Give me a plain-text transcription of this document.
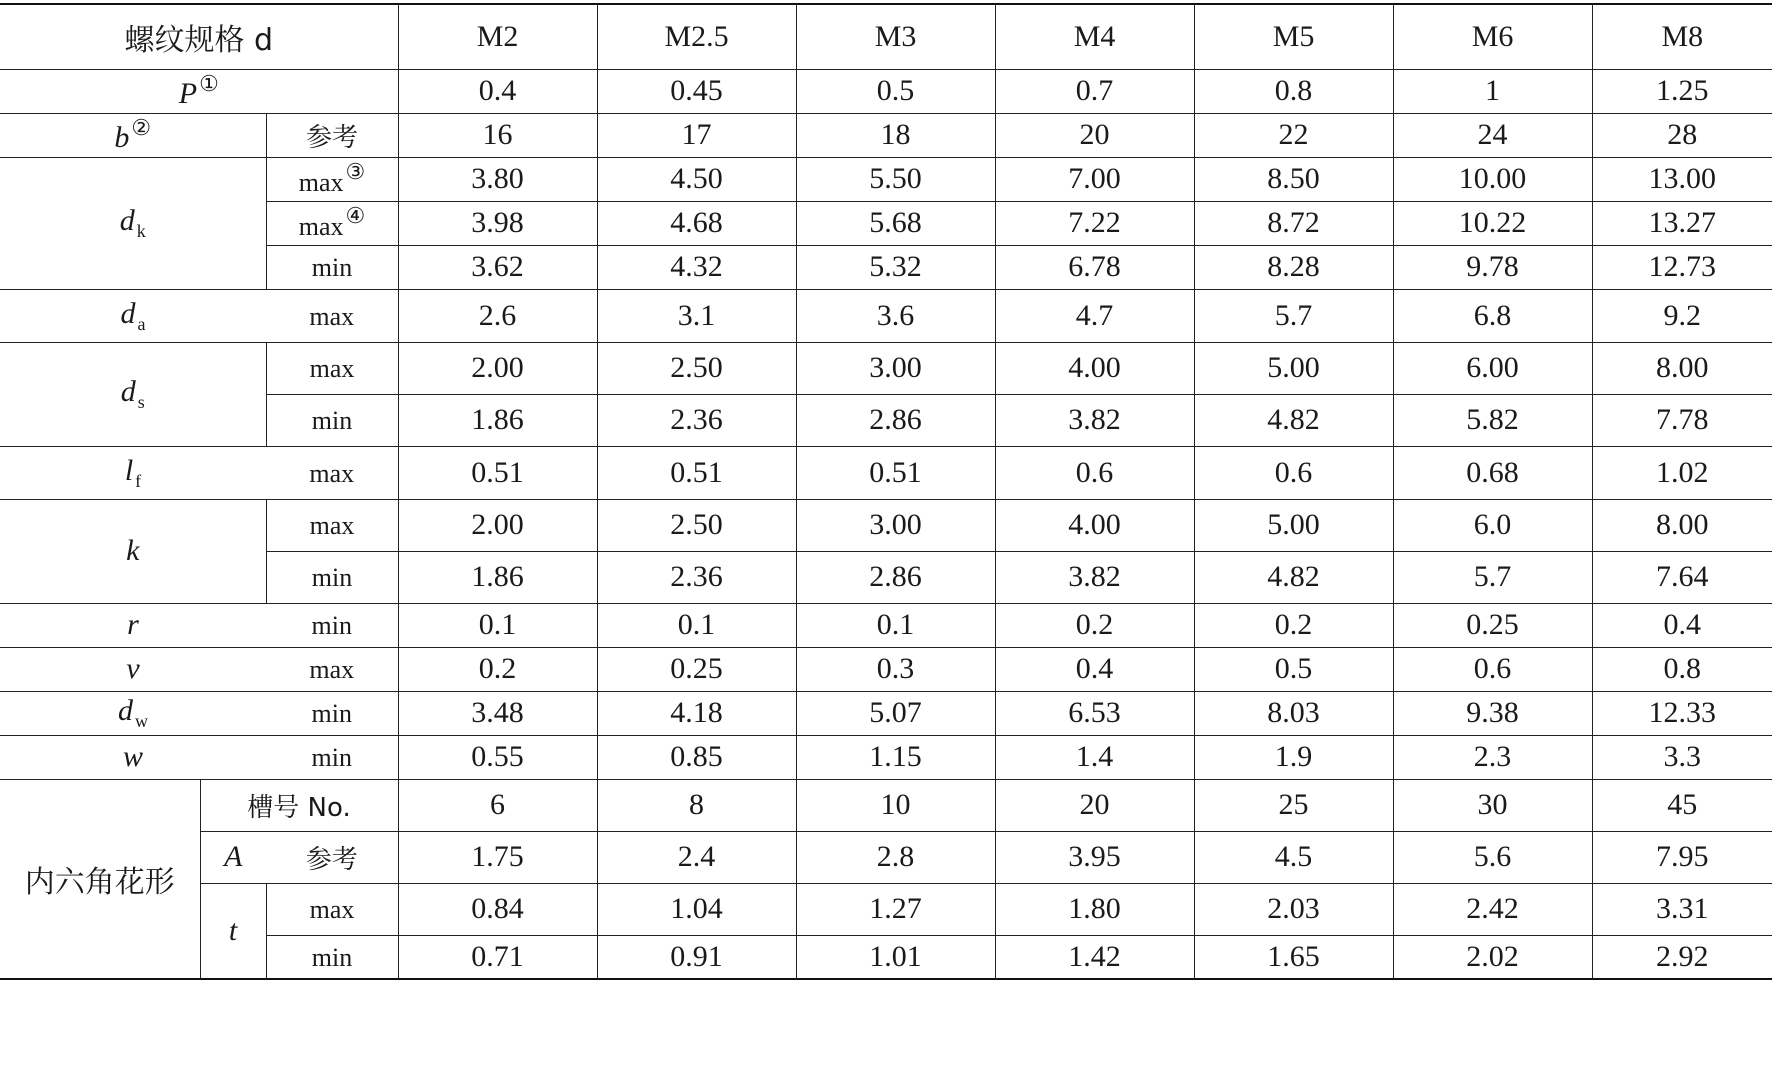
螺纹规格 d			M2	M2.5	M3	M4	M5	M6	M8
P①			0.4	0.45	0.5	0.7	0.8	1	1.25
b②		参考	16	17	18	20	22	24	28
d $_k$		max③	3.80	4.50	5.50	7.00	8.50	10.00	13.00
		max④	3.98	4.68	5.68	7.22	8.72	10.22	13.27
		min	3.62	4.32	5.32	6.78	8.28	9.78	12.73
d $_a$		max	2.6	3.1	3.6	4.7	5.7	6.8	9.2
d $_s$		max	2.00	2.50	3.00	4.00	5.00	6.00	8.00
		min	1.86	2.36	2.86	3.82	4.82	5.82	7.78
l $_f$		max	0.51	0.51	0.51	0.6	0.6	0.68	1.02
k		max	2.00	2.50	3.00	4.00	5.00	6.0	8.00
		min	1.86	2.36	2.86	3.82	4.82	5.7	7.64
r		min	0.1	0.1	0.1	0.2	0.2	0.25	0.4
v		max	0.2	0.25	0.3	0.4	0.5	0.6	0.8
d $_w$		min	3.48	4.18	5.07	6.53	8.03	9.38	12.33
w		min	0.55	0.85	1.15	1.4	1.9	2.3	3.3
内六角花形	槽号 No.		6	8	10	20	25	30	45
	A	参考	1.75	2.4	2.8	3.95	4.5	5.6	7.95
	t	max	0.84	1.04	1.27	1.80	2.03	2.42	3.31
		min	0.71	0.91	1.01	1.42	1.65	2.02	2.92
